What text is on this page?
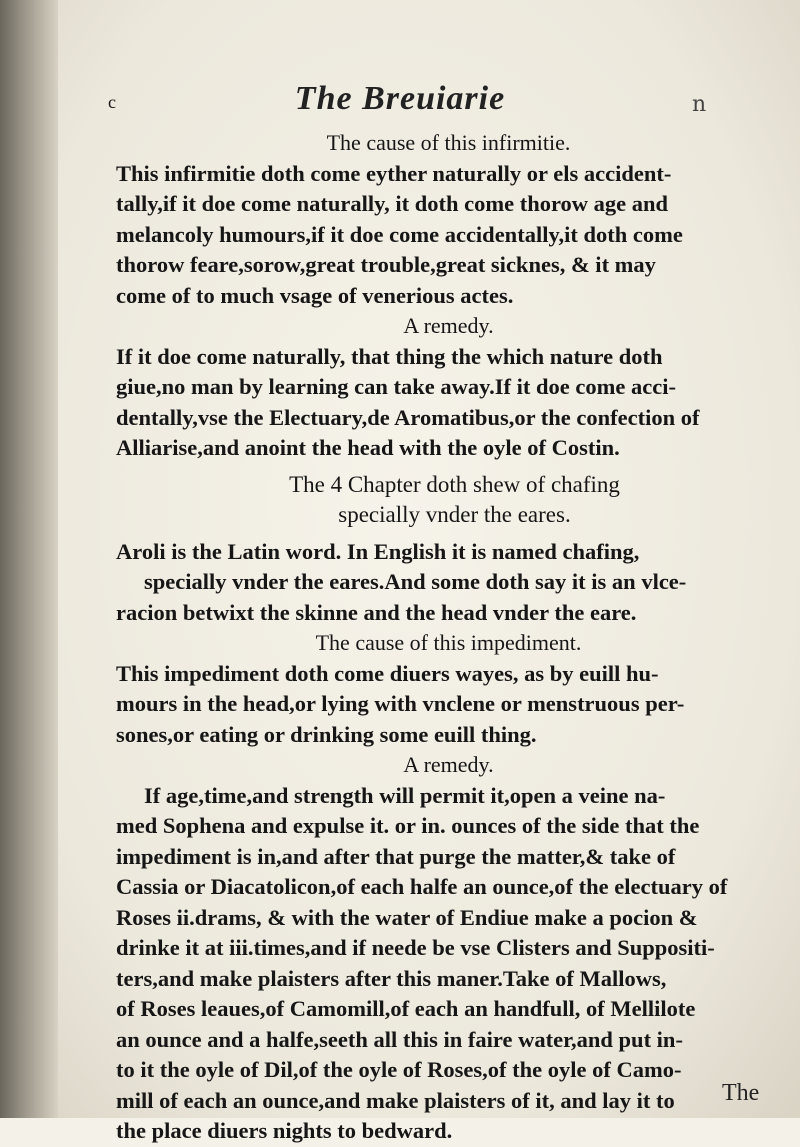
c	The Breuiarie	n
The cause of this infirmitie.
This infirmitie doth come eyther naturally or els accident-
tally,if it doe come naturally, it doth come thorow age and
melancoly humours,if it doe come accidentally,it doth come
thorow feare,sorow,great trouble,great sicknes, & it may
come of to much vsage of venerious actes.
A remedy.
If it doe come naturally, that thing the which nature doth
giue,no man by learning can take away.If it doe come acci-
dentally,vse the Electuary,de Aromatibus,or the confection of
Alliarise,and anoint the head with the oyle of Costin.
The 4 Chapter doth shew of chafing
specially vnder the eares.
Aroli is the Latin word. In English it is named chafing,
specially vnder the eares.And some doth say it is an vlce-
racion betwixt the skinne and the head vnder the eare.
The cause of this impediment.
This impediment doth come diuers wayes, as by euill hu-
mours in the head,or lying with vnclene or menstruous per-
sones,or eating or drinking some euill thing.
A remedy.
If age,time,and strength will permit it,open a veine na-
med Sophena and expulse it. or in. ounces of the side that the
impediment is in,and after that purge the matter,& take of
Cassia or Diacatolicon,of each halfe an ounce,of the electuary of
Roses ii.drams, & with the water of Endiue make a pocion &
drinke it at iii.times,and if neede be vse Clisters and Suppositi-
ters,and make plaisters after this maner.Take of Mallows,
of Roses leaues,of Camomill,of each an handfull, of Mellilote
an ounce and a halfe,seeth all this in faire water,and put in-
to it the oyle of Dil,of the oyle of Roses,of the oyle of Camo-
mill of each an ounce,and make plaisters of it, and lay it to
the place diuers nights to bedward.
The
